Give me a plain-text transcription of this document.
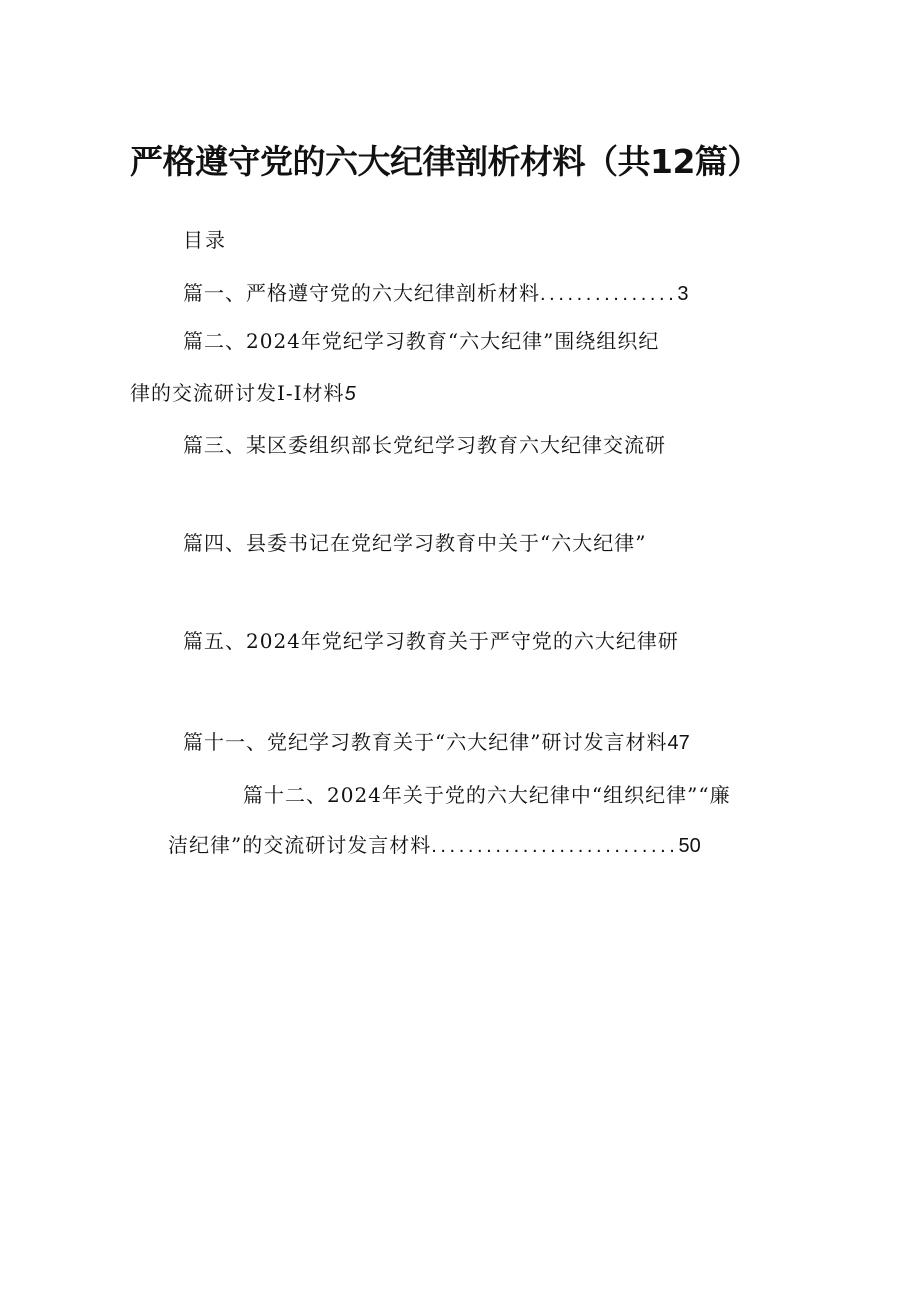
严格遵守党的六大纪律剖析材料（共12篇）
目录
篇一、严格遵守党的六大纪律剖析材料...............3
篇二、2024年党纪学习教育“六大纪律”围绕组织纪
律的交流研讨发I-I材料5
篇三、某区委组织部长党纪学习教育六大纪律交流研
篇四、县委书记在党纪学习教育中关于“六大纪律”
篇五、2024年党纪学习教育关于严守党的六大纪律研
篇十一、党纪学习教育关于“六大纪律”研讨发言材料47
篇十二、2024年关于党的六大纪律中“组织纪律”“廉
洁纪律”的交流研讨发言材料...........................50
